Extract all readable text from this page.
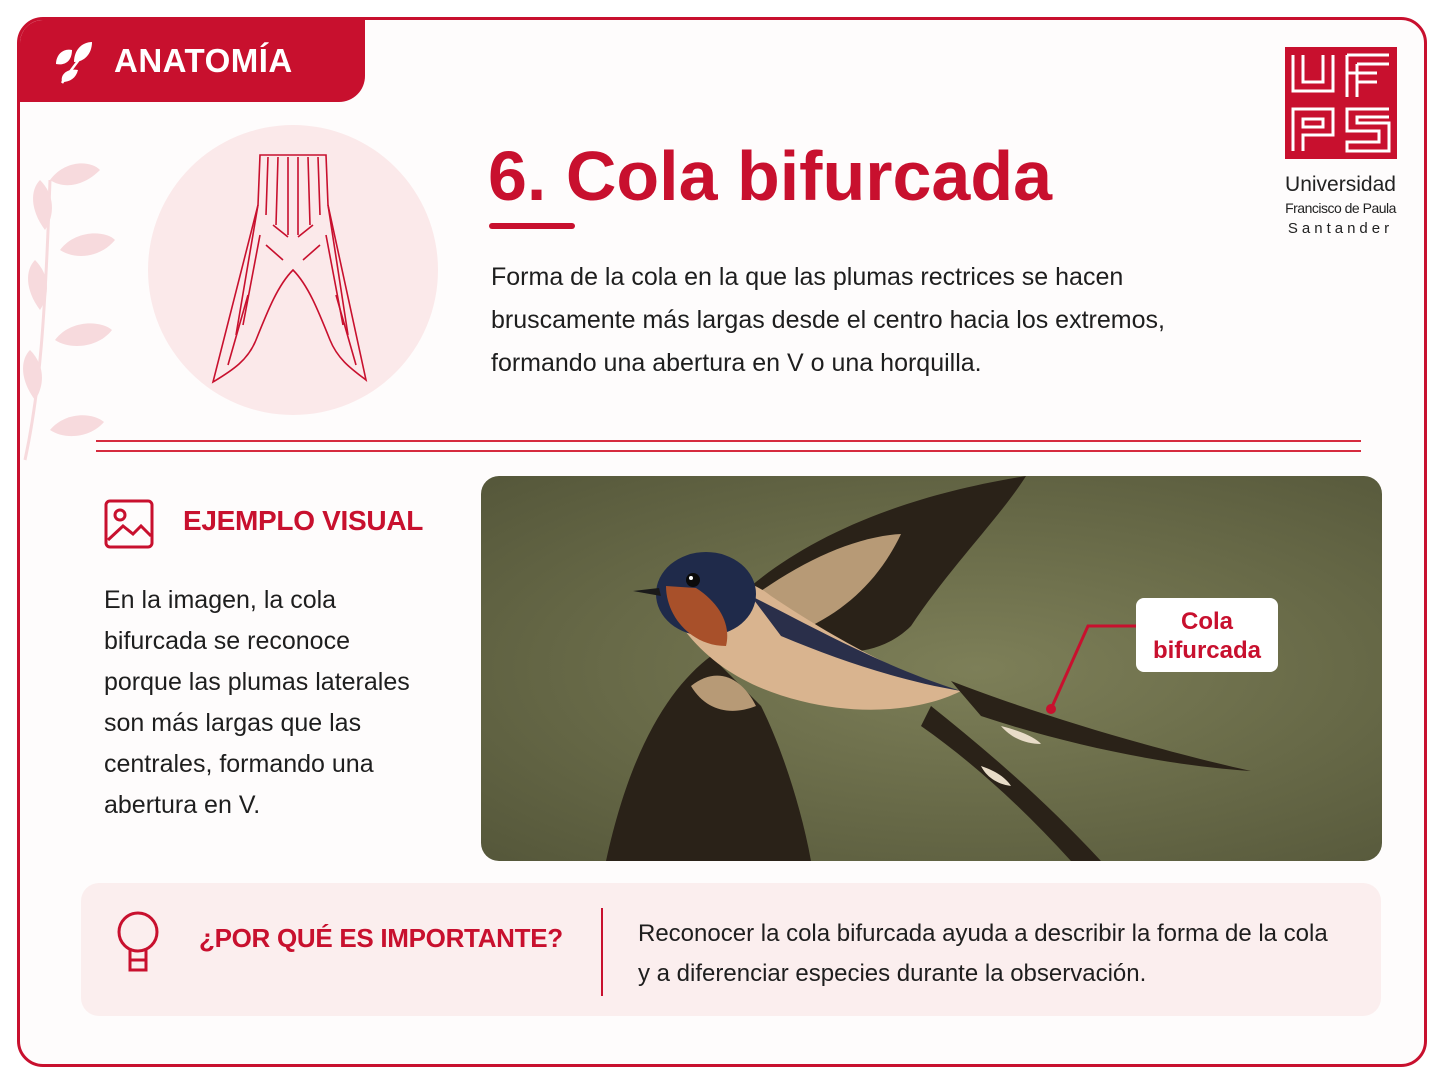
ANATOMÍA
6. Cola bifurcada

Forma de la cola en la que las plumas rectrices se hacen bruscamente más largas desde el centro hacia los extremos, formando una abertura en V o una horquilla.

Universidad
Francisco de Paula
Santander
EJEMPLO VISUAL

En la imagen, la cola bifurcada se reconoce porque las plumas laterales son más largas que las centrales, formando una abertura en V.

Cola
bifurcada
¿POR QUÉ ES IMPORTANTE?	Reconocer la cola bifurcada ayuda a describir la forma de la cola y a diferenciar especies durante la observación.
